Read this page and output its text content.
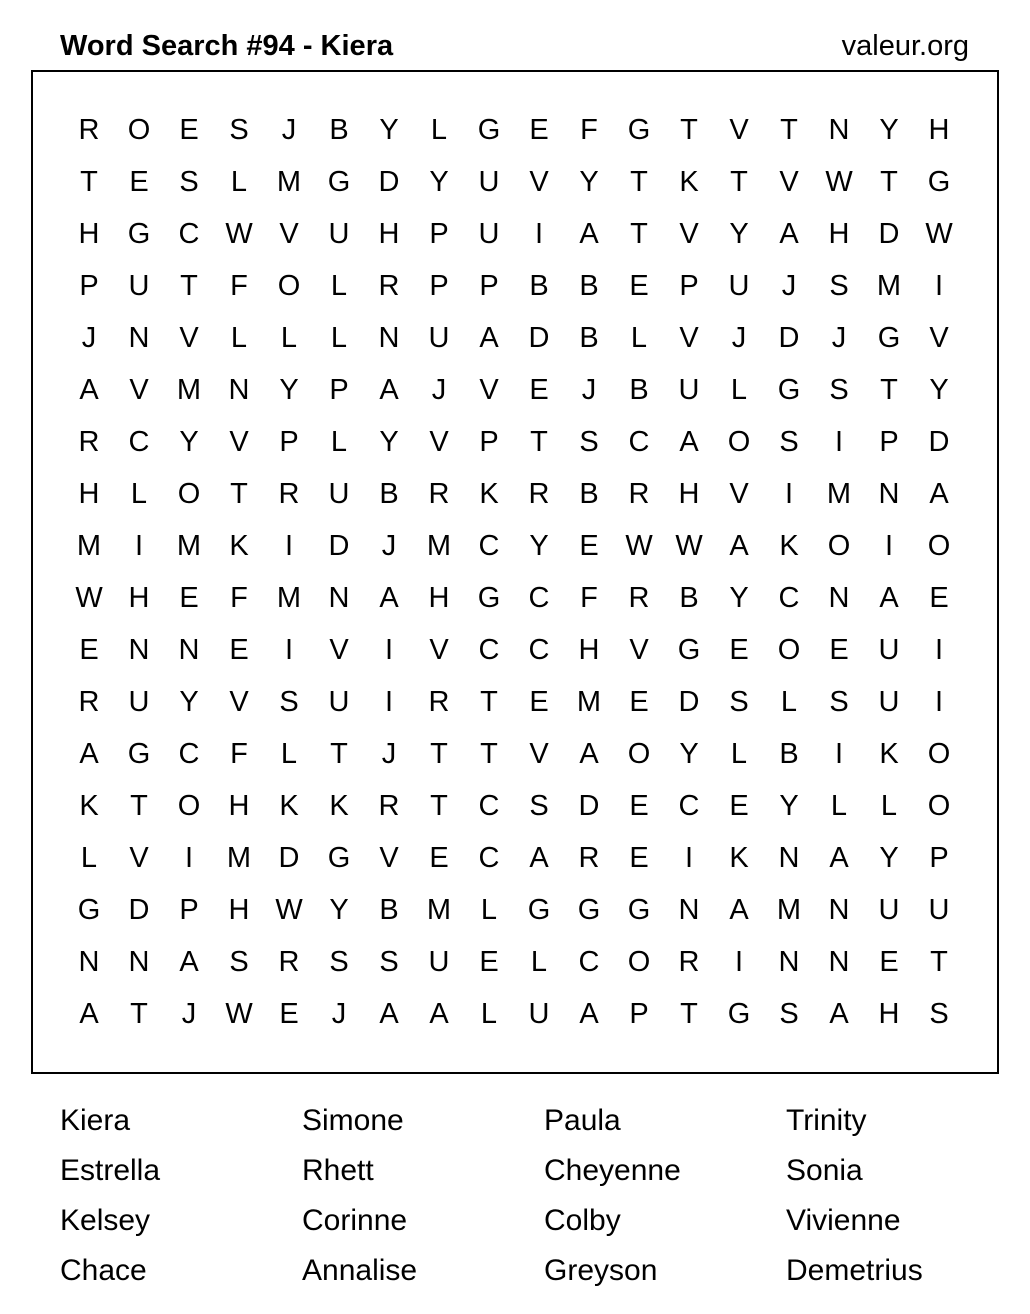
Word Search #94 - Kiera	valeur.org
R O	E	S	J	B	Y	L	G	E	F	G	T	V	T	N	Y	H
T	E	S	L	M G D	Y	U	V	Y	T	K	T	V W T	G
H G C W V	U	H	P	U	I	A	T	V	Y	A	H	D W
P	U	T	F	O	L	R	P	P	B	B	E	P	U	J	S M	I
J	N	V	L	L	L	N	U	A	D	B	L	V	J	D	J	G	V
A	V M N	Y	P	A	J	V	E	J	B	U	L	G	S	T	Y
R	C	Y	V	P	L	Y	V	P	T	S	C	A	O	S	I	P	D
H	L	O	T	R	U	B	R	K	R	B	R	H	V	I	M N	A
M	I	M K	I	D	J	M C	Y	E W W A	K	O	I	O
W H	E	F	M N	A	H G C	F	R	B	Y	C	N	A	E
E	N	N	E	I	V	I	V	C	C	H	V	G	E	O	E	U	I
R	U	Y	V	S	U	I	R	T	E M E	D	S	L	S	U	I
A	G C	F	L	T	J	T	T	V	A	O	Y	L	B	I	K	O
K	T	O H	K	K	R	T	C	S	D	E	C	E	Y	L	L	O
L	V	I	M D G	V	E	C	A	R	E	I	K	N	A	Y	P
G D	P	H W Y	B M	L	G G G N	A M N	U	U
N	N	A	S	R	S	S	U	E	L	C O R	I	N	N	E	T
A	T	J	W E	J	A	A	L	U	A	P	T	G	S	A	H	S
Kiera	Simone	Paula	Trinity
Estrella	Rhett	Cheyenne	Sonia
Kelsey	Corinne	Colby	Vivienne
Chace	Annalise	Greyson	Demetrius
